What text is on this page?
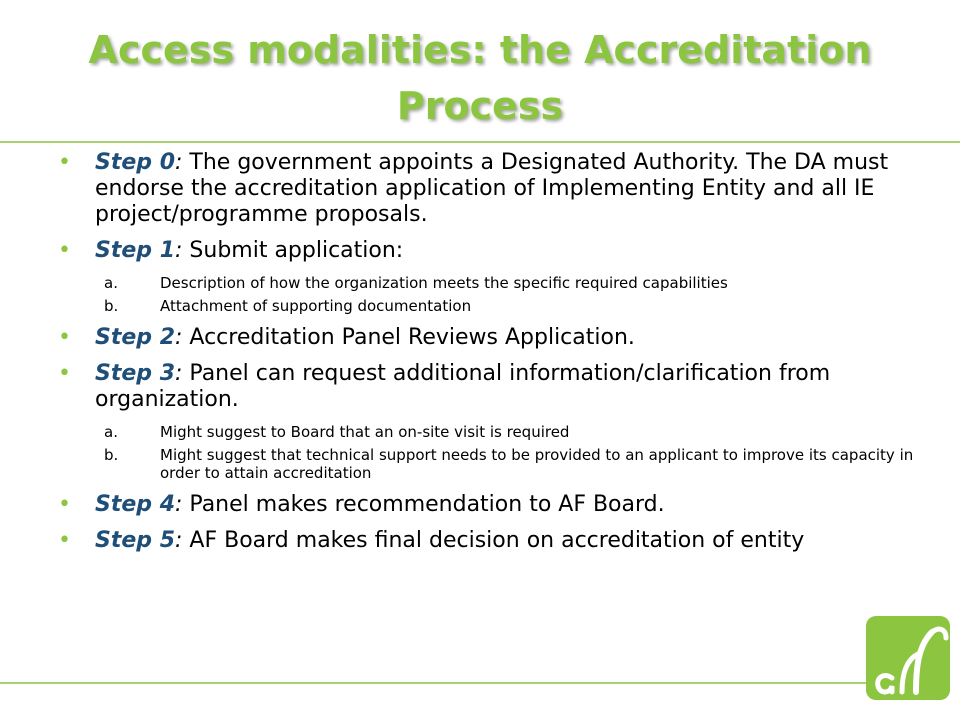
Access modalities: the Accreditation Process
• Step 0: The government appoints a Designated Authority. The DA must endorse the accreditation application of Implementing Entity and all IE project/programme proposals.
• Step 1: Submit application:
a.	Description of how the organization meets the specific required capabilities
b.	Attachment of supporting documentation
• Step 2: Accreditation Panel Reviews Application.
• Step 3: Panel can request additional information/clarification from organization.
a.	Might suggest to Board that an on-site visit is required
b.	Might suggest that technical support needs to be provided to an applicant to improve its capacity in order to attain accreditation
• Step 4: Panel makes recommendation to AF Board.
• Step 5: AF Board makes final decision on accreditation of entity
